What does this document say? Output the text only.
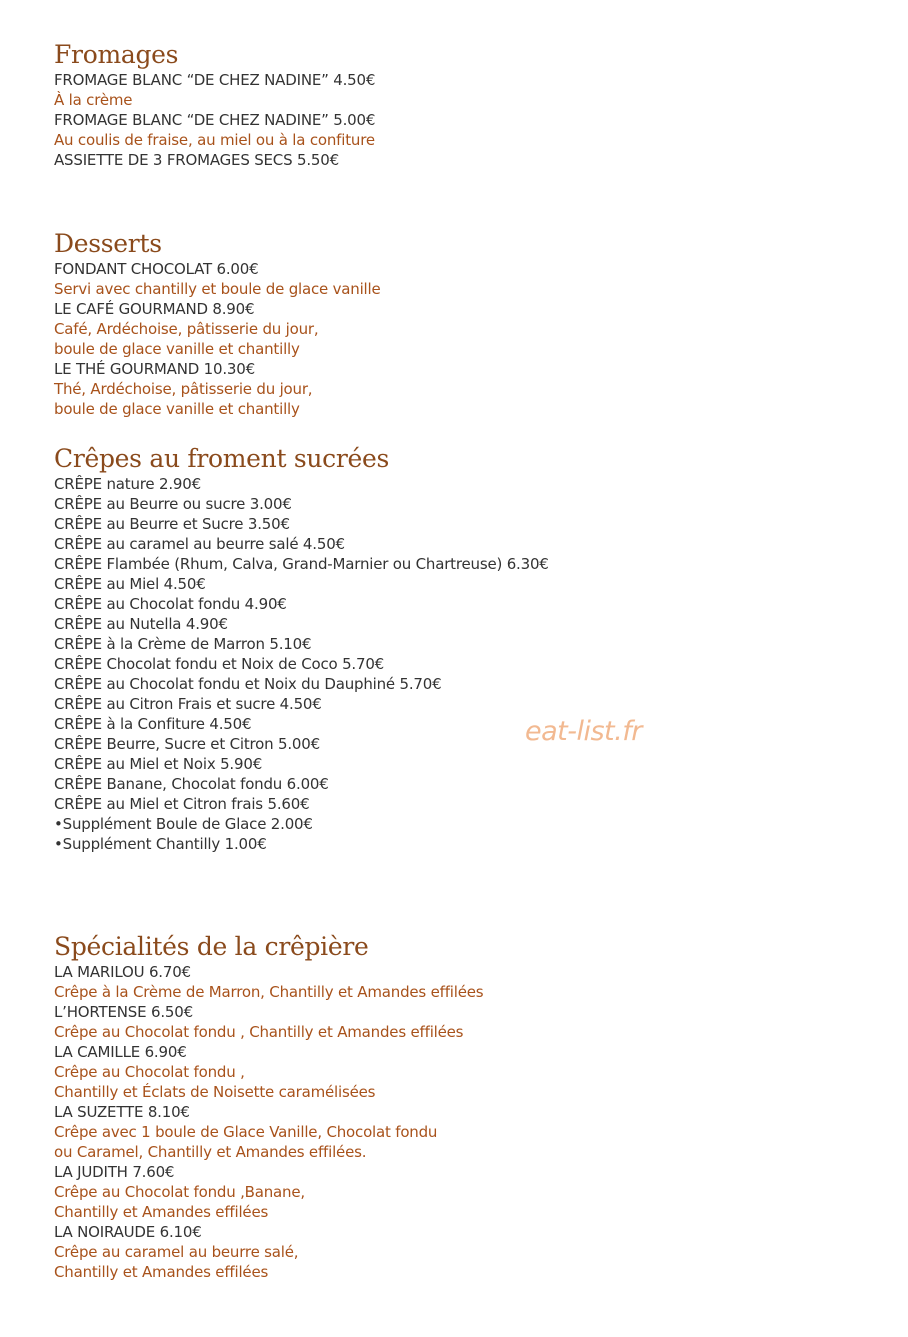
Fromages
FROMAGE BLANC “DE CHEZ NADINE” 4.50€
À la crème
FROMAGE BLANC “DE CHEZ NADINE” 5.00€
Au coulis de fraise, au miel ou à la confiture
ASSIETTE DE 3 FROMAGES SECS 5.50€
Desserts
FONDANT CHOCOLAT 6.00€
Servi avec chantilly et boule de glace vanille
LE CAFÉ GOURMAND 8.90€
Café, Ardéchoise, pâtisserie du jour,
boule de glace vanille et chantilly
LE THÉ GOURMAND 10.30€
Thé, Ardéchoise, pâtisserie du jour,
boule de glace vanille et chantilly
Crêpes au froment sucrées
CRÊPE nature 2.90€
CRÊPE au Beurre ou sucre 3.00€
CRÊPE au Beurre et Sucre 3.50€
CRÊPE au caramel au beurre salé 4.50€
CRÊPE Flambée (Rhum, Calva, Grand-Marnier ou Chartreuse) 6.30€
CRÊPE au Miel 4.50€
CRÊPE au Chocolat fondu 4.90€
CRÊPE au Nutella 4.90€
CRÊPE à la Crème de Marron 5.10€
CRÊPE Chocolat fondu et Noix de Coco 5.70€
CRÊPE au Chocolat fondu et Noix du Dauphiné 5.70€
CRÊPE au Citron Frais et sucre 4.50€
CRÊPE à la Confiture 4.50€
CRÊPE Beurre, Sucre et Citron 5.00€
CRÊPE au Miel et Noix 5.90€
CRÊPE Banane, Chocolat fondu 6.00€
CRÊPE au Miel et Citron frais 5.60€
•Supplément Boule de Glace 2.00€
•Supplément Chantilly 1.00€
Spécialités de la crêpière
LA MARILOU 6.70€
Crêpe à la Crème de Marron, Chantilly et Amandes effilées
L’HORTENSE 6.50€
Crêpe au Chocolat fondu , Chantilly et Amandes effilées
LA CAMILLE 6.90€
Crêpe au Chocolat fondu ,
Chantilly et Éclats de Noisette caramélisées
LA SUZETTE 8.10€
Crêpe avec 1 boule de Glace Vanille, Chocolat fondu
ou Caramel, Chantilly et Amandes effilées.
LA JUDITH 7.60€
Crêpe au Chocolat fondu ,Banane,
Chantilly et Amandes effilées
LA NOIRAUDE 6.10€
Crêpe au caramel au beurre salé,
Chantilly et Amandes effilées
eat-list.fr
